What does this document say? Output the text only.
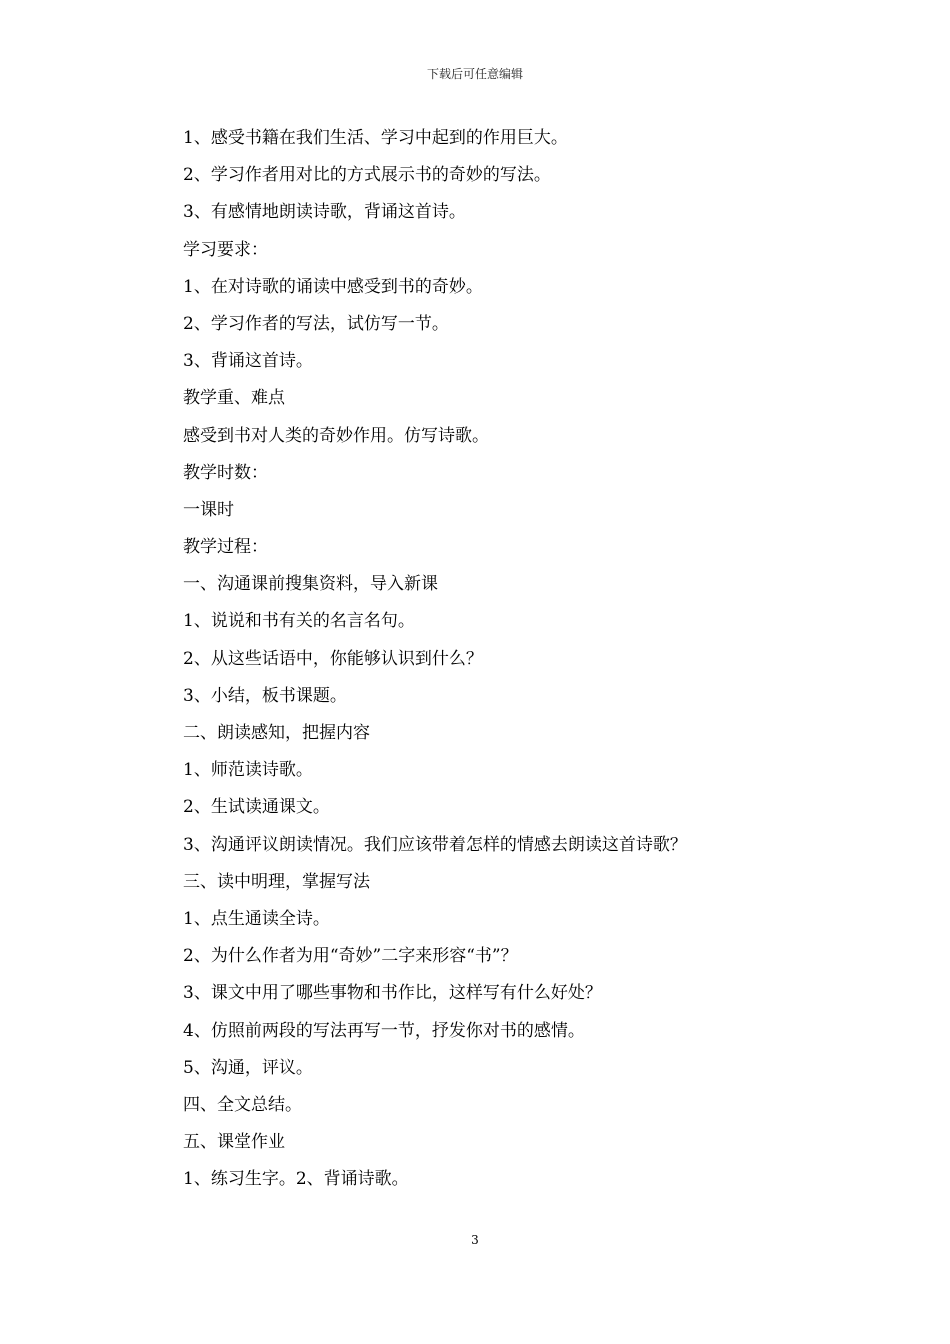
下载后可任意编辑
1、感受书籍在我们生活、学习中起到的作用巨大。
2、学习作者用对比的方式展示书的奇妙的写法。
3、有感情地朗读诗歌，背诵这首诗。
学习要求：
1、在对诗歌的诵读中感受到书的奇妙。
2、学习作者的写法，试仿写一节。
3、背诵这首诗。
教学重、难点
感受到书对人类的奇妙作用。仿写诗歌。
教学时数：
一课时
教学过程：
一、沟通课前搜集资料，导入新课
1、说说和书有关的名言名句。
2、从这些话语中，你能够认识到什么？
3、小结，板书课题。
二、朗读感知，把握内容
1、师范读诗歌。
2、生试读通课文。
3、沟通评议朗读情况。我们应该带着怎样的情感去朗读这首诗歌？
三、读中明理，掌握写法
1、点生通读全诗。
2、为什么作者为用“奇妙”二字来形容“书”？
3、课文中用了哪些事物和书作比，这样写有什么好处？
4、仿照前两段的写法再写一节，抒发你对书的感情。
5、沟通，评议。
四、全文总结。
五、课堂作业
1、练习生字。2、背诵诗歌。
3
